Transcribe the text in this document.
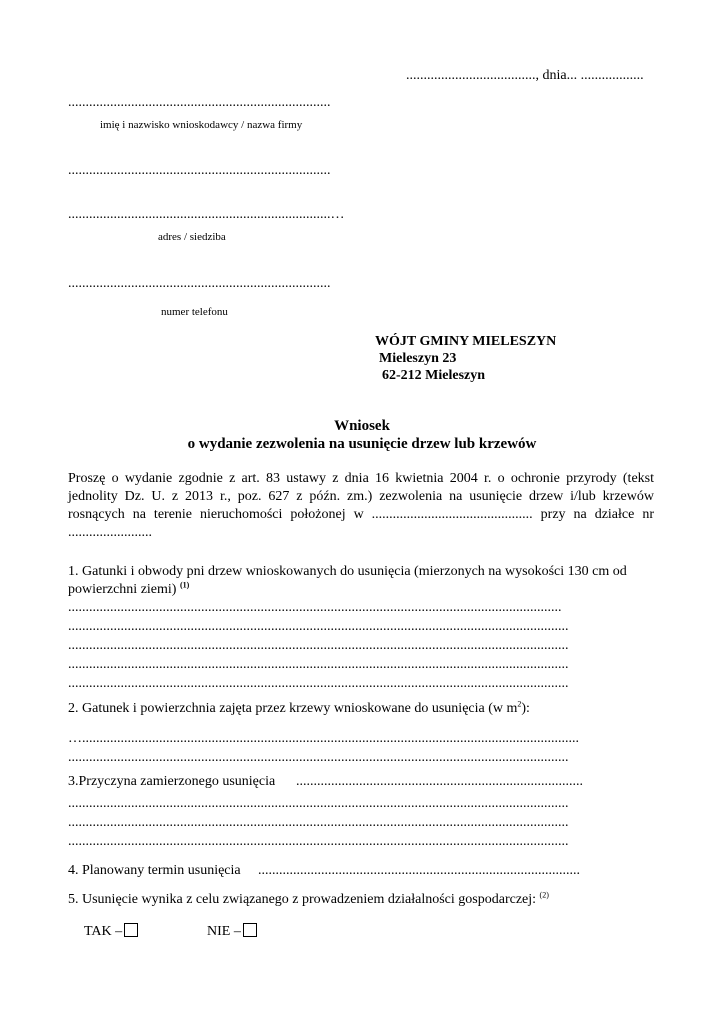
....................................., dnia... ..................
...........................................................................
imię i nazwisko wnioskodawcy / nazwa firmy
...........................................................................
...........................................................................…
adres / siedziba
...........................................................................
numer telefonu
WÓJT GMINY MIELESZYN
Mieleszyn 23
62-212 Mieleszyn
Wniosek
o wydanie zezwolenia na usunięcie drzew lub krzewów
Proszę o wydanie zgodnie z art. 83 ustawy z dnia 16 kwietnia 2004 r. o ochronie przyrody (tekst jednolity Dz. U. z 2013 r., poz. 627 z późn. zm.) zezwolenia na usunięcie drzew i/lub krzewów rosnących na terenie nieruchomości położonej w .............................................. przy na działce nr ........................
1. Gatunki i obwody pni drzew wnioskowanych do usunięcia (mierzonych na wysokości 130 cm od powierzchni ziemi) $^{(1)}$
.............................................................................................................................................
...............................................................................................................................................
...............................................................................................................................................
...............................................................................................................................................
...............................................................................................................................................
2. Gatunek i powierzchnia zajęta przez krzewy wnioskowane do usunięcia (w $m^2$):
…..............................................................................................................................................
...............................................................................................................................................
3.Przyczyna zamierzonego usunięcia ..................................................................................
...............................................................................................................................................
...............................................................................................................................................
...............................................................................................................................................
4. Planowany termin usunięcia ............................................................................................
5. Usunięcie wynika z celu związanego z prowadzeniem działalności gospodarczej: $^{(2)}$
TAK –	NIE –
